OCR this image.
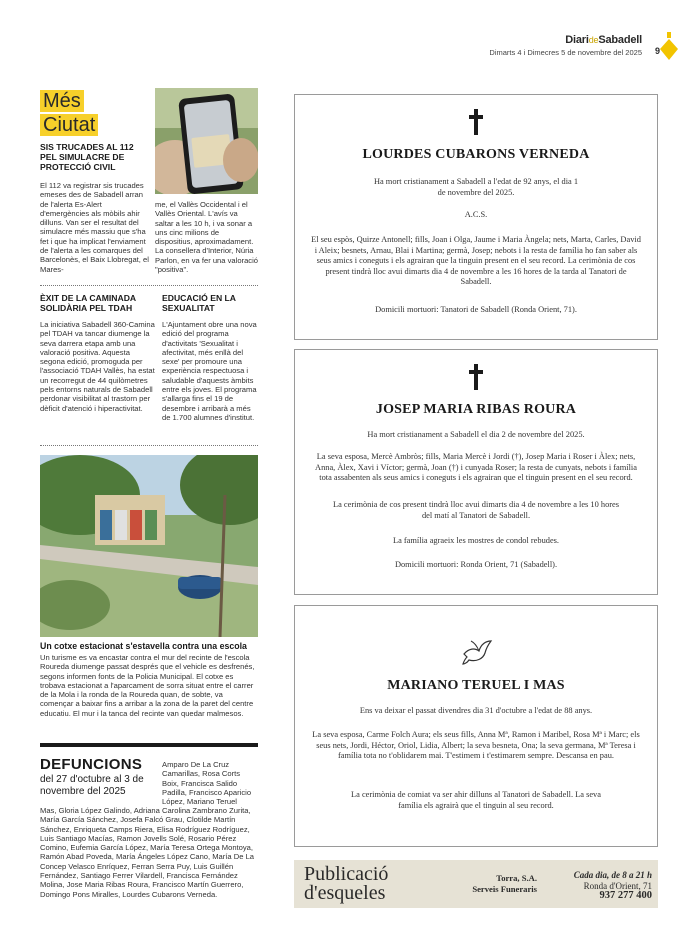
DiarideSabadell
Dimarts 4 i Dimecres 5 de novembre del 2025 9
Més
Ciutat
SIS TRUCADES AL 112 PEL SIMULACRE DE PROTECCIÓ CIVIL
El 112 va registrar sis trucades emeses des de Sabadell arran de l'alerta Es-Alert d'emergències als mòbils ahir dilluns. Van ser el resultat del simulacre més massiu que s'ha fet i que ha implicat l'enviament de l'alerta a les comarques del Barcelonès, el Baix Llobregat, el Mares-
me, el Vallès Occidental i el Vallès Oriental. L'avís va saltar a les 10 h, i va sonar a uns cinc milions de dispositius, aproximadament. La consellera d'Interior, Núria Parlon, en va fer una valoració "positiva".
ÈXIT DE LA CAMINADA SOLIDÀRIA PEL TDAH
La iniciativa Sabadell 360-Camina pel TDAH va tancar diumenge la seva darrera etapa amb una valoració positiva. Aquesta segona edició, promoguda per l'associació TDAH Vallès, ha estat un recorregut de 44 quilòmetres pels entorns naturals de Sabadell perdonar visibilitat al trastorn per dèficit d'atenció i hiperactivitat.
EDUCACIÓ EN LA SEXUALITAT
L'Ajuntament obre una nova edició del programa d'activitats 'Sexualitat i afectivitat, més enllà del sexe' per promoure una experiència respectuosa i saludable d'aquests àmbits entre els joves. El programa s'allarga fins el 19 de desembre i arribarà a més de 1.700 alumnes d'institut.
Un cotxe estacionat s'estavella contra una escola
Un turisme es va encastar contra el mur del recinte de l'escola Roureda diumenge passat després que el vehicle es desfrenés, segons informen fonts de la Policia Municipal. El cotxe es trobava estacionat a l'aparcament de sorra situat entre el carrer de la Mola i la ronda de la Roureda quan, de sobte, va començar a baixar fins a arribar a la zona de la paret del centre educatiu. El mur i la tanca del recinte van quedar malmesos.
DEFUNCIONS
del 27 d'octubre al 3 de novembre del 2025
Amparo De La Cruz Camarillas, Rosa Corts Boix, Francisca Salido Padilla, Francisco Aparicio López, Mariano Teruel
Mas, Gloria López Galindo, Adriana Carolina Zambrano Zurita, María García Sánchez, Josefa Falcó Grau, Clotilde Martín Sánchez, Enriqueta Camps Riera, Elisa Rodríguez Rodríguez, Luis Santiago Macías, Ramon Jovells Solé, Rosario Pérez Comino, Eufemia García López, María Teresa Ortega Montoya, Ramón Abad Poveda, María Ángeles López Cano, María De La Concep Velasco Enríquez, Ferran Serra Puy, Luis Guillén Fernández, Santiago Ferrer Vilardell, Francisca Fernández Molina, Jose Maria Ribas Roura, Francisco Martín Guerrero, Domingo Pons Miralles, Lourdes Cubarons Verneda.
LOURDES CUBARONS VERNEDA
Ha mort cristianament a Sabadell a l'edat de 92 anys, el dia 1 de novembre del 2025.
A.C.S.
El seu espòs, Quirze Antonell; fills, Joan i Olga, Jaume i Maria Àngela; nets, Marta, Carles, David i Aleix; besnets, Arnau, Blai i Martina; germà, Josep; nebots i la resta de família ho fan saber als seus amics i coneguts i els agrairan que la tinguin present en el seu record. La cerimònia de cos present tindrà lloc avui dimarts dia 4 de novembre a les 16 hores de la tarda al Tanatori de Sabadell.
Domicili mortuori: Tanatori de Sabadell (Ronda Orient, 71).
JOSEP MARIA RIBAS ROURA
Ha mort cristianament a Sabadell el dia 2 de novembre del 2025.
La seva esposa, Mercè Ambròs; fills, Maria Mercè i Jordi (†), Josep Maria i Roser i Àlex; nets, Anna, Àlex, Xavi i Víctor; germà, Joan (†) i cunyada Roser; la resta de cunyats, nebots i família tota assabenten als seus amics i coneguts i els agrairan que el tinguin present en el seu record.
La cerimònia de cos present tindrà lloc avui dimarts dia 4 de novembre a les 10 hores del matí al Tanatori de Sabadell.
La família agraeix les mostres de condol rebudes.
Domicili mortuori: Ronda Orient, 71 (Sabadell).
MARIANO TERUEL I MAS
Ens va deixar el passat divendres dia 31 d'octubre a l'edat de 88 anys.
La seva esposa, Carme Folch Aura; els seus fills, Anna Mª, Ramon i Maribel, Rosa Mª i Marc; els seus nets, Jordi, Héctor, Oriol, Lidia, Albert; la seva besneta, Ona; la seva germana, Mª Teresa i família tota no t'oblidarem mai. T'estimem i t'estimarem sempre. Descansa en pau.
La cerimònia de comiat va ser ahir dilluns al Tanatori de Sabadell. La seva família els agrairà que el tinguin al seu record.
Publicació
d'esqueles
Torra, S.A.
Serveis Funeraris
Cada dia, de 8 a 21 h
Ronda d'Orient, 71
937 277 400
